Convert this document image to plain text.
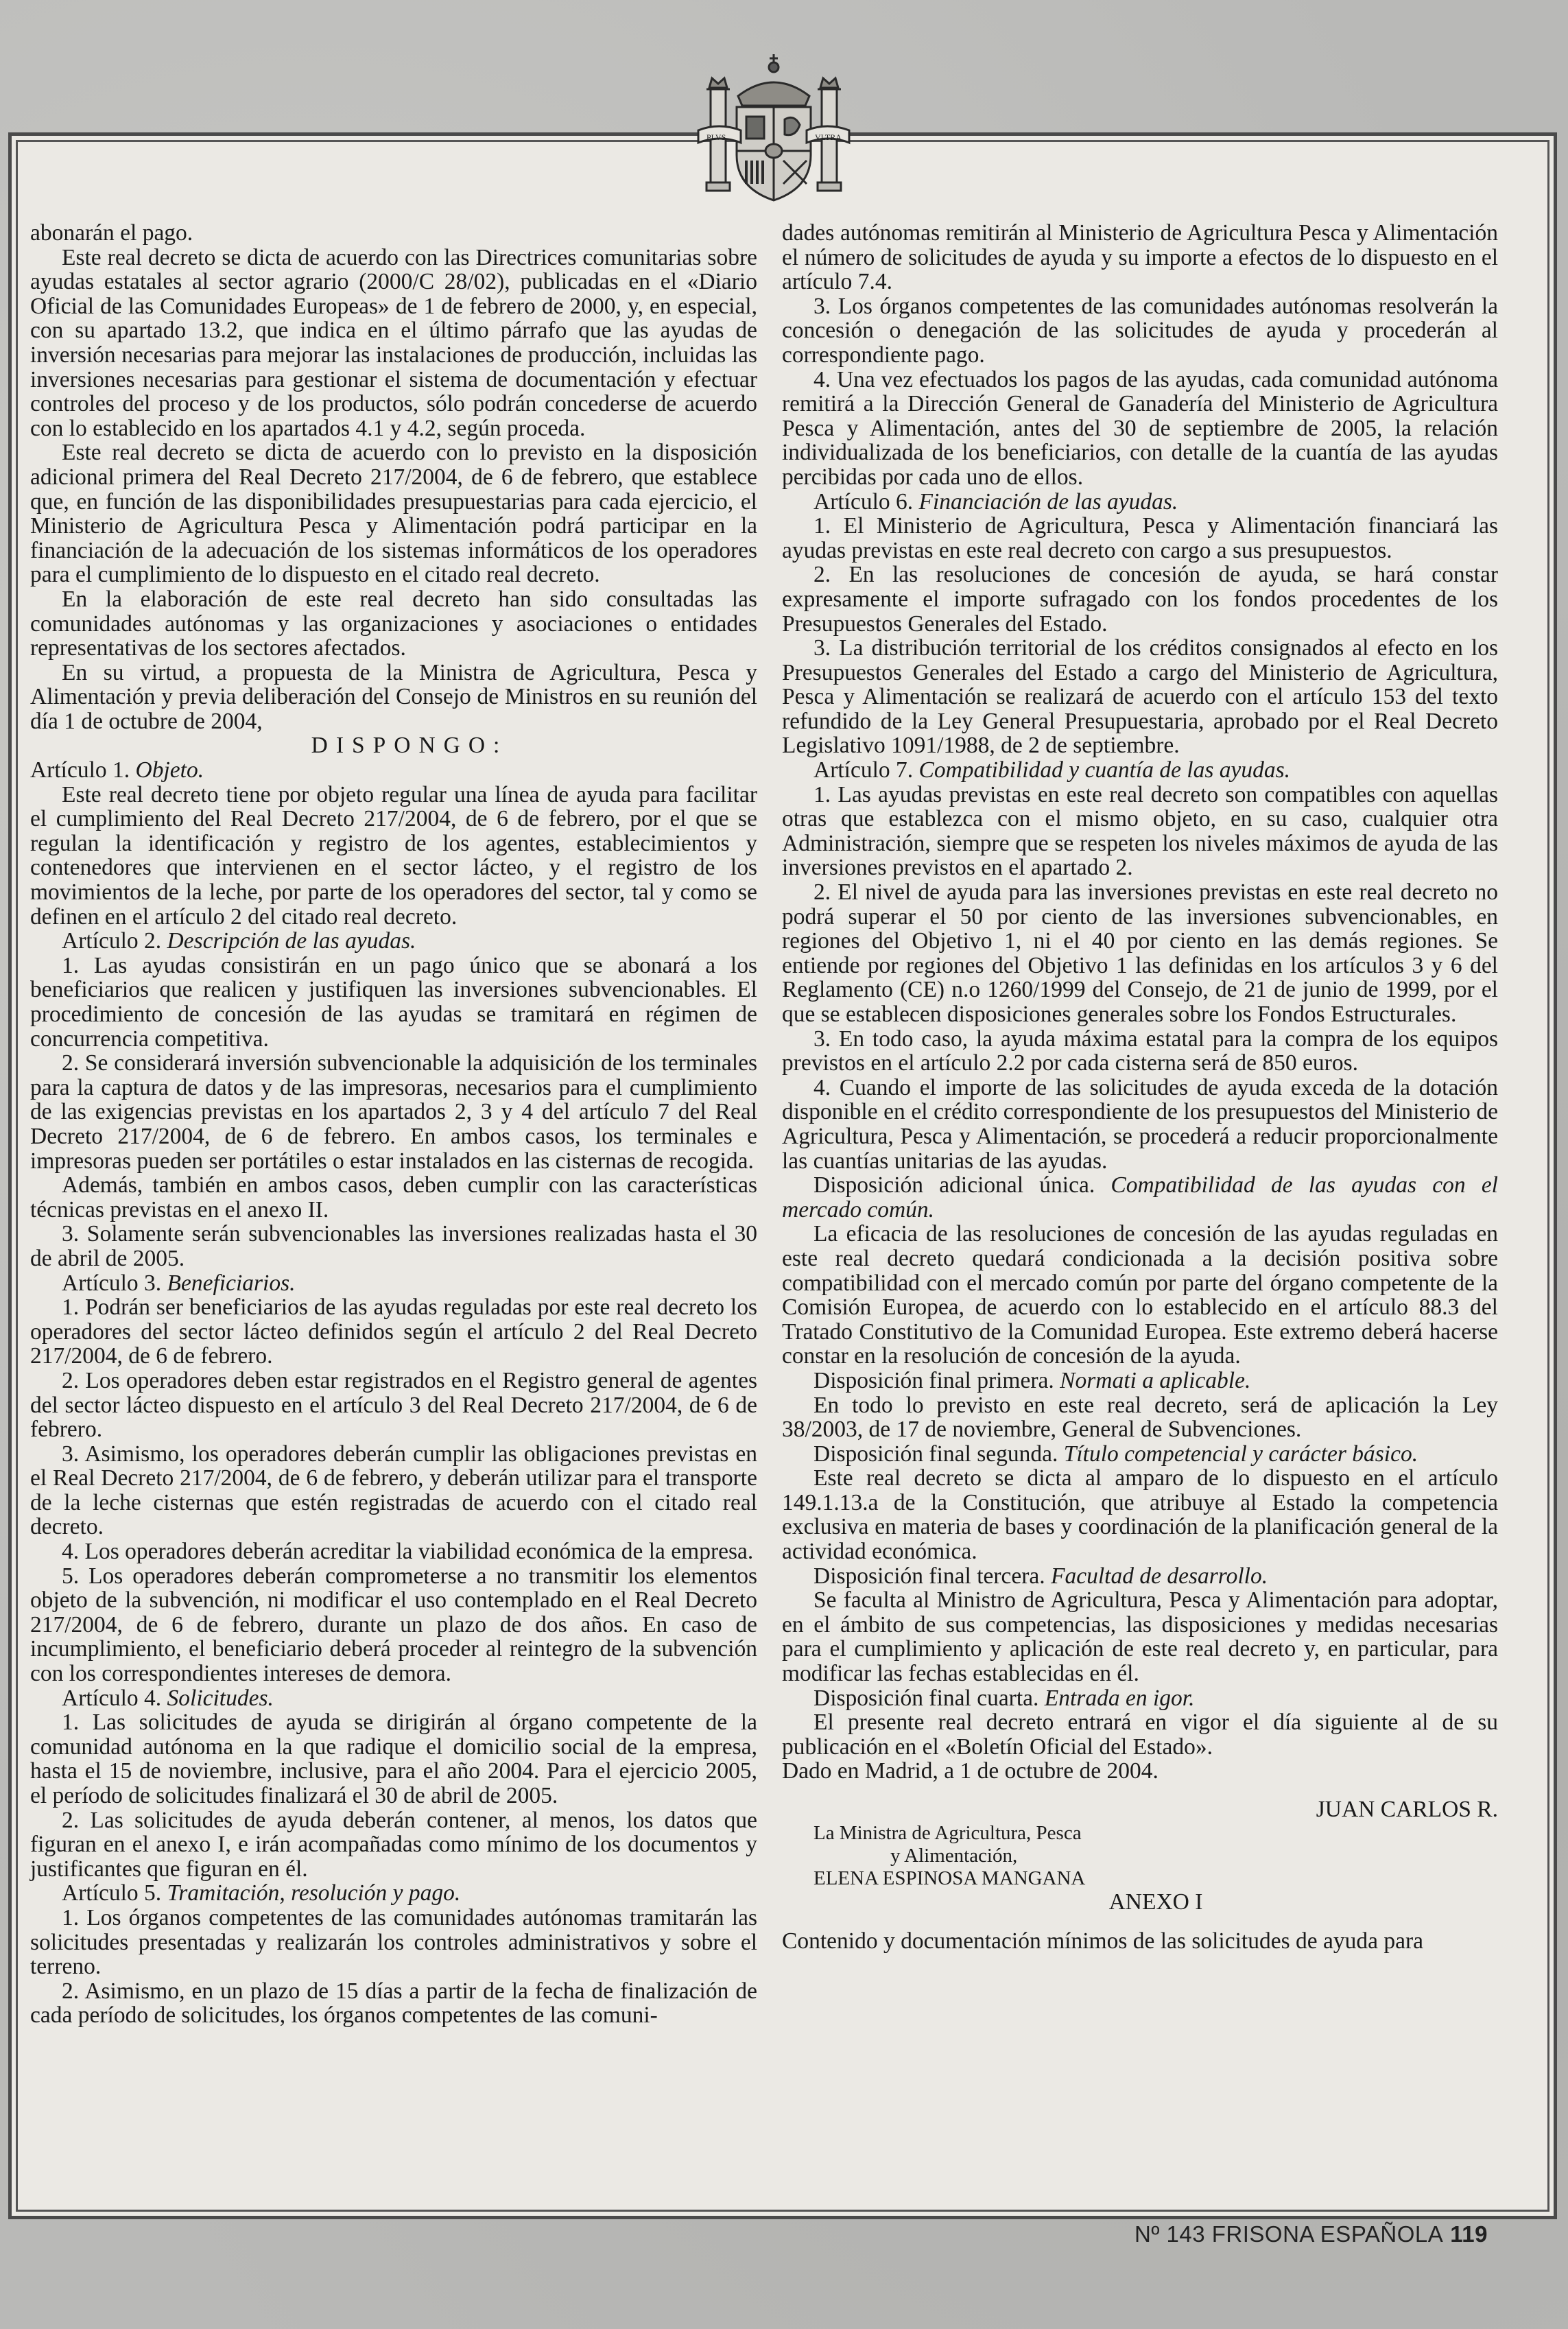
PLVS	VLTRA

abonarán el pago.

Este real decreto se dicta de acuerdo con las Directrices comunitarias sobre ayudas estatales al sector agrario (2000/C 28/02), publicadas en el «Diario Oficial de las Comunidades Europeas» de 1 de febrero de 2000, y, en especial, con su apartado 13.2, que indica en el último párrafo que las ayudas de inversión necesarias para mejorar las instalaciones de producción, incluidas las inversiones necesarias para gestionar el sistema de documentación y efectuar controles del proceso y de los productos, sólo podrán concederse de acuerdo con lo establecido en los apartados 4.1 y 4.2, según proceda.

Este real decreto se dicta de acuerdo con lo previsto en la disposición adicional primera del Real Decreto 217/2004, de 6 de febrero, que establece que, en función de las disponibilidades presupuestarias para cada ejercicio, el Ministerio de Agricultura Pesca y Alimentación podrá participar en la financiación de la adecuación de los sistemas informáticos de los operadores para el cumplimiento de lo dispuesto en el citado real decreto.

En la elaboración de este real decreto han sido consultadas las comunidades autónomas y las organizaciones y asociaciones o entidades representativas de los sectores afectados.

En su virtud, a propuesta de la Ministra de Agricultura, Pesca y Alimentación y previa deliberación del Consejo de Ministros en su reunión del día 1 de octubre de 2004,

DISPONGO:

Artículo 1. Objeto.

Este real decreto tiene por objeto regular una línea de ayuda para facilitar el cumplimiento del Real Decreto 217/2004, de 6 de febrero, por el que se regulan la identificación y registro de los agentes, establecimientos y contenedores que intervienen en el sector lácteo, y el registro de los movimientos de la leche, por parte de los operadores del sector, tal y como se definen en el artículo 2 del citado real decreto.

Artículo 2. Descripción de las ayudas.

1. Las ayudas consistirán en un pago único que se abonará a los beneficiarios que realicen y justifiquen las inversiones subvencionables. El procedimiento de concesión de las ayudas se tramitará en régimen de concurrencia competitiva.

2. Se considerará inversión subvencionable la adquisición de los terminales para la captura de datos y de las impresoras, necesarios para el cumplimiento de las exigencias previstas en los apartados 2, 3 y 4 del artículo 7 del Real Decreto 217/2004, de 6 de febrero. En ambos casos, los terminales e impresoras pueden ser portátiles o estar instalados en las cisternas de recogida.

Además, también en ambos casos, deben cumplir con las características técnicas previstas en el anexo II.

3. Solamente serán subvencionables las inversiones realizadas hasta el 30 de abril de 2005.

Artículo 3. Beneficiarios.

1. Podrán ser beneficiarios de las ayudas reguladas por este real decreto los operadores del sector lácteo definidos según el artículo 2 del Real Decreto 217/2004, de 6 de febrero.

2. Los operadores deben estar registrados en el Registro general de agentes del sector lácteo dispuesto en el artículo 3 del Real Decreto 217/2004, de 6 de febrero.

3. Asimismo, los operadores deberán cumplir las obligaciones previstas en el Real Decreto 217/2004, de 6 de febrero, y deberán utilizar para el transporte de la leche cisternas que estén registradas de acuerdo con el citado real decreto.

4. Los operadores deberán acreditar la viabilidad económica de la empresa.

5. Los operadores deberán comprometerse a no transmitir los elementos objeto de la subvención, ni modificar el uso contemplado en el Real Decreto 217/2004, de 6 de febrero, durante un plazo de dos años. En caso de incumplimiento, el beneficiario deberá proceder al reintegro de la subvención con los correspondientes intereses de demora.

Artículo 4. Solicitudes.

1. Las solicitudes de ayuda se dirigirán al órgano competente de la comunidad autónoma en la que radique el domicilio social de la empresa, hasta el 15 de noviembre, inclusive, para el año 2004. Para el ejercicio 2005, el período de solicitudes finalizará el 30 de abril de 2005.

2. Las solicitudes de ayuda deberán contener, al menos, los datos que figuran en el anexo I, e irán acompañadas como mínimo de los documentos y justificantes que figuran en él.

Artículo 5. Tramitación, resolución y pago.

1. Los órganos competentes de las comunidades autónomas tramitarán las solicitudes presentadas y realizarán los controles administrativos y sobre el terreno.

2. Asimismo, en un plazo de 15 días a partir de la fecha de finalización de cada período de solicitudes, los órganos competentes de las comuni-

dades autónomas remitirán al Ministerio de Agricultura Pesca y Alimentación el número de solicitudes de ayuda y su importe a efectos de lo dispuesto en el artículo 7.4.

3. Los órganos competentes de las comunidades autónomas resolverán la concesión o denegación de las solicitudes de ayuda y procederán al correspondiente pago.

4. Una vez efectuados los pagos de las ayudas, cada comunidad autónoma remitirá a la Dirección General de Ganadería del Ministerio de Agricultura Pesca y Alimentación, antes del 30 de septiembre de 2005, la relación individualizada de los beneficiarios, con detalle de la cuantía de las ayudas percibidas por cada uno de ellos.

Artículo 6. Financiación de las ayudas.

1. El Ministerio de Agricultura, Pesca y Alimentación financiará las ayudas previstas en este real decreto con cargo a sus presupuestos.

2. En las resoluciones de concesión de ayuda, se hará constar expresamente el importe sufragado con los fondos procedentes de los Presupuestos Generales del Estado.

3. La distribución territorial de los créditos consignados al efecto en los Presupuestos Generales del Estado a cargo del Ministerio de Agricultura, Pesca y Alimentación se realizará de acuerdo con el artículo 153 del texto refundido de la Ley General Presupuestaria, aprobado por el Real Decreto Legislativo 1091/1988, de 2 de septiembre.

Artículo 7. Compatibilidad y cuantía de las ayudas.

1. Las ayudas previstas en este real decreto son compatibles con aquellas otras que establezca con el mismo objeto, en su caso, cualquier otra Administración, siempre que se respeten los niveles máximos de ayuda de las inversiones previstos en el apartado 2.

2. El nivel de ayuda para las inversiones previstas en este real decreto no podrá superar el 50 por ciento de las inversiones subvencionables, en regiones del Objetivo 1, ni el 40 por ciento en las demás regiones. Se entiende por regiones del Objetivo 1 las definidas en los artículos 3 y 6 del Reglamento (CE) n.o 1260/1999 del Consejo, de 21 de junio de 1999, por el que se establecen disposiciones generales sobre los Fondos Estructurales.

3. En todo caso, la ayuda máxima estatal para la compra de los equipos previstos en el artículo 2.2 por cada cisterna será de 850 euros.

4. Cuando el importe de las solicitudes de ayuda exceda de la dotación disponible en el crédito correspondiente de los presupuestos del Ministerio de Agricultura, Pesca y Alimentación, se procederá a reducir proporcionalmente las cuantías unitarias de las ayudas.

Disposición adicional única. Compatibilidad de las ayudas con el mercado común.

La eficacia de las resoluciones de concesión de las ayudas reguladas en este real decreto quedará condicionada a la decisión positiva sobre compatibilidad con el mercado común por parte del órgano competente de la Comisión Europea, de acuerdo con lo establecido en el artículo 88.3 del Tratado Constitutivo de la Comunidad Europea. Este extremo deberá hacerse constar en la resolución de concesión de la ayuda.

Disposición final primera. Normati a aplicable.

En todo lo previsto en este real decreto, será de aplicación la Ley 38/2003, de 17 de noviembre, General de Subvenciones.

Disposición final segunda. Título competencial y carácter básico.

Este real decreto se dicta al amparo de lo dispuesto en el artículo 149.1.13.a de la Constitución, que atribuye al Estado la competencia exclusiva en materia de bases y coordinación de la planificación general de la actividad económica.

Disposición final tercera. Facultad de desarrollo.

Se faculta al Ministro de Agricultura, Pesca y Alimentación para adoptar, en el ámbito de sus competencias, las disposiciones y medidas necesarias para el cumplimiento y aplicación de este real decreto y, en particular, para modificar las fechas establecidas en él.

Disposición final cuarta. Entrada en igor.

El presente real decreto entrará en vigor el día siguiente al de su publicación en el «Boletín Oficial del Estado».

Dado en Madrid, a 1 de octubre de 2004.

JUAN CARLOS R.

La Ministra de Agricultura, Pesca
y Alimentación,
ELENA ESPINOSA MANGANA

ANEXO I

Contenido y documentación mínimos de las solicitudes de ayuda para

Nº 143 FRISONA ESPAÑOLA 119
